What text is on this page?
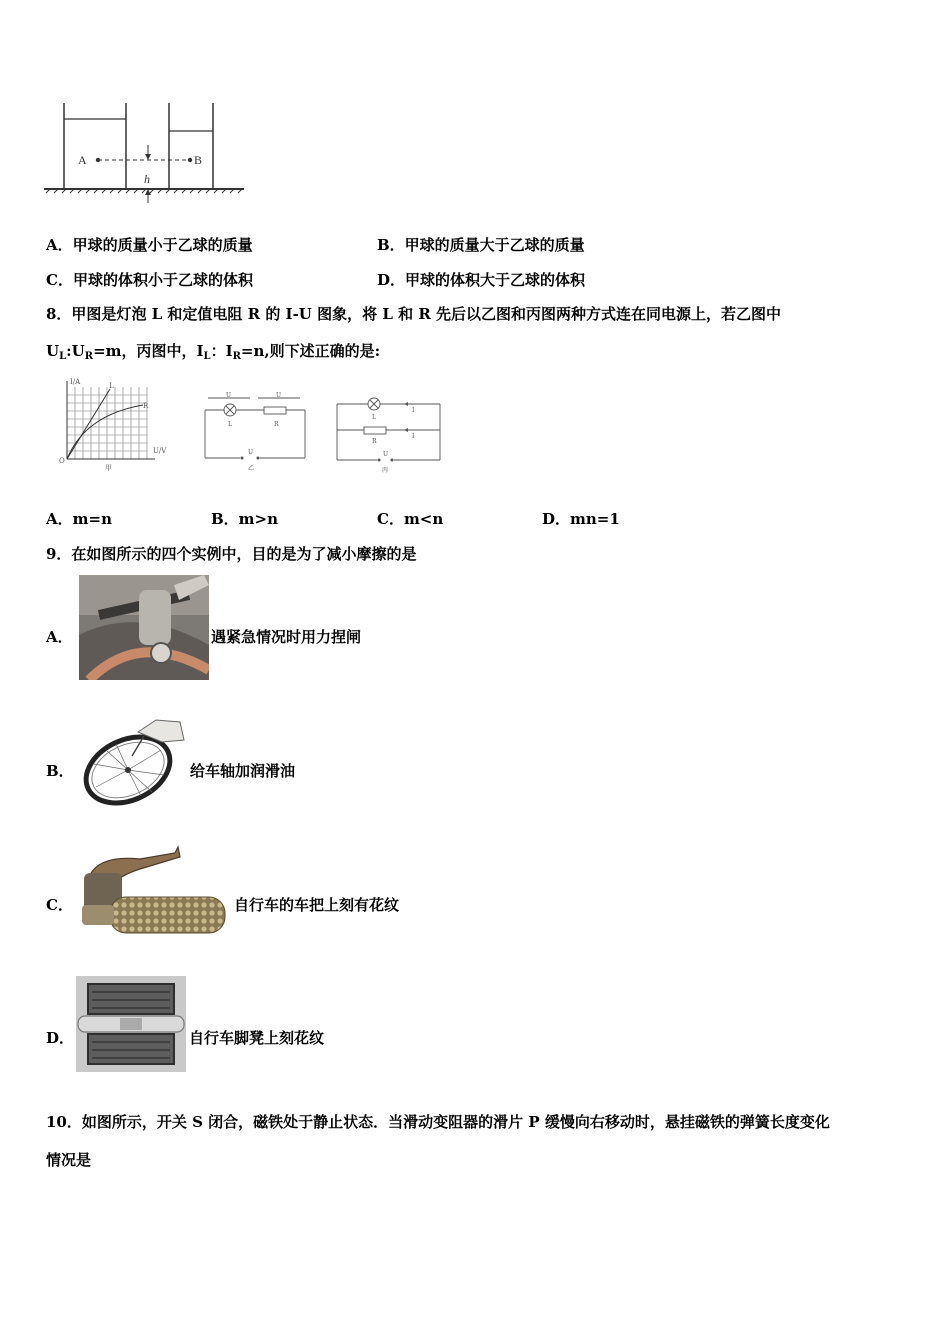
A	B
h
A．甲球的质量小于乙球的质量	B．甲球的质量大于乙球的质量
C．甲球的体积小于乙球的体积	D．甲球的体积大于乙球的体积
8．甲图是灯泡 L 和定值电阻 R 的 I-U 图象，将 L 和 R 先后以乙图和丙图两种方式连在同电源上，若乙图中
$U_L:U_R=m$，丙图中，$I_L$：$I_R=n$,则下述正确的是:
I/A
U/V
O
L
R
甲
U	U
L	R
U
乙
L
R
I
I
U
丙
A．m=n	B．m>n	C．m<n	D．mn=1
9．在如图所示的四个实例中，目的是为了减小摩擦的是
A．	遇紧急情况时用力捏闸
B．	给车轴加润滑油
C．	自行车的车把上刻有花纹
D．	自行车脚凳上刻花纹
10．如图所示，开关 S 闭合，磁铁处于静止状态．当滑动变阻器的滑片 P 缓慢向右移动时，悬挂磁铁的弹簧长度变化
情况是
